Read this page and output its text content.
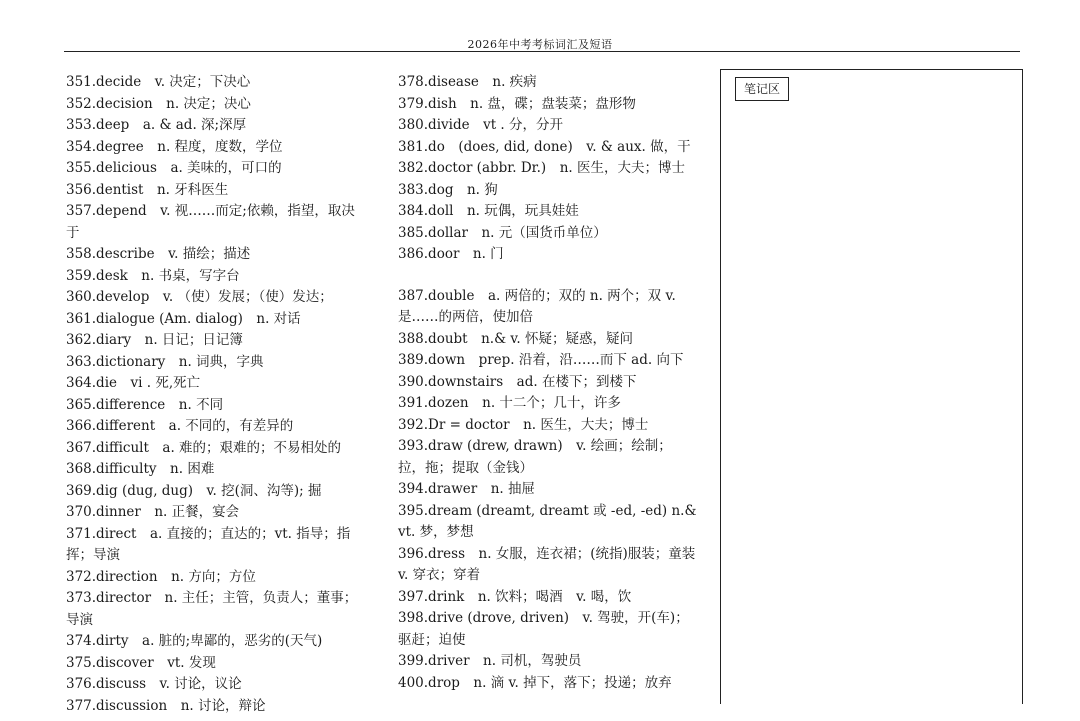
2026年中考考标词汇及短语

351.decide　v. 决定；下决心

352.decision　n. 决定；决心

353.deep　a. & ad. 深;深厚

354.degree　n. 程度，度数，学位

355.delicious　a. 美味的，可口的

356.dentist　n. 牙科医生

357.depend　v. 视……而定;依赖，指望，取决于

358.describe　v. 描绘；描述

359.desk　n. 书桌，写字台

360.develop　v. （使）发展；（使）发达；

361.dialogue (Am. dialog)　n. 对话

362.diary　n. 日记；日记簿

363.dictionary　n. 词典，字典

364.die　vi . 死,死亡

365.difference　n. 不同

366.different　a. 不同的，有差异的

367.difficult　a. 难的；艰难的；不易相处的

368.difficulty　n. 困难

369.dig (dug, dug)　v. 挖(洞、沟等); 掘

370.dinner　n. 正餐，宴会

371.direct　a. 直接的；直达的；vt. 指导；指挥；导演

372.direction　n. 方向；方位

373.director　n. 主任；主管，负责人；董事；导演

374.dirty　a. 脏的;卑鄙的，恶劣的(天气)

375.discover　vt. 发现

376.discuss　v. 讨论，议论

377.discussion　n. 讨论，辩论

378.disease　n. 疾病

379.dish　n. 盘，碟；盘装菜；盘形物

380.divide　vt . 分，分开

381.do　(does, did, done)　v. & aux. 做，干

382.doctor (abbr. Dr.)　n. 医生，大夫；博士

383.dog　n. 狗

384.doll　n. 玩偶，玩具娃娃

385.dollar　n. 元（国货币单位）

386.door　n. 门

387.double　a. 两倍的；双的 n. 两个；双 v. 是……的两倍，使加倍

388.doubt　n.& v. 怀疑；疑惑，疑问

389.down　prep. 沿着，沿……而下 ad. 向下

390.downstairs　ad. 在楼下；到楼下

391.dozen　n. 十二个；几十，许多

392.Dr = doctor　n. 医生，大夫；博士

393.draw (drew, drawn)　v. 绘画；绘制；拉，拖；提取（金钱）

394.drawer　n. 抽屉

395.dream (dreamt, dreamt 或 -ed, -ed) n.& vt. 梦，梦想

396.dress　n. 女服，连衣裙；(统指)服装；童装 v. 穿衣；穿着

397.drink　n. 饮料；喝酒　v. 喝，饮

398.drive (drove, driven)　v. 驾驶，开(车)；驱赶；迫使

399.driver　n. 司机，驾驶员

400.drop　n. 滴 v. 掉下，落下；投递；放弃

笔记区
